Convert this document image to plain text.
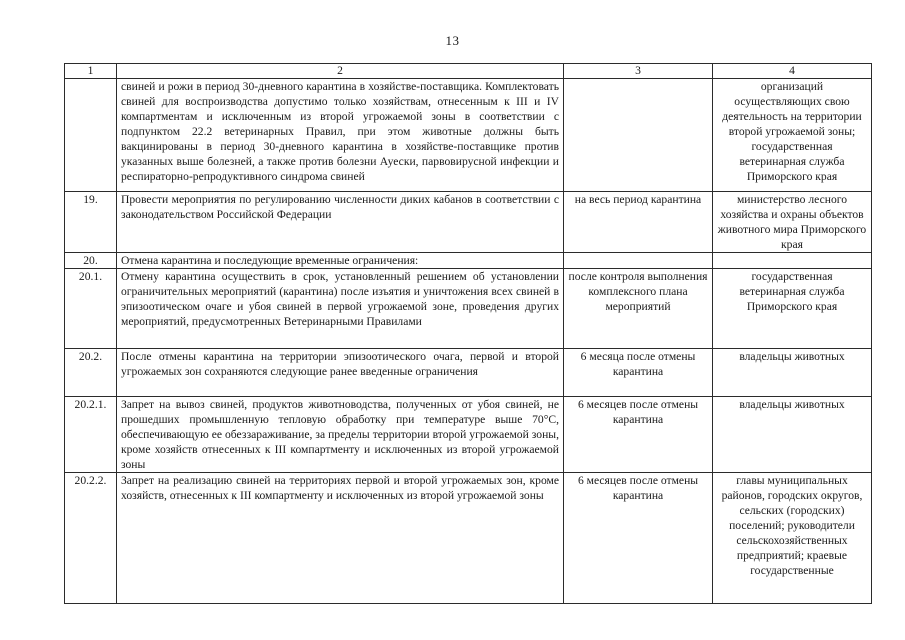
13
1	2	3	4
	свиней и рожи в период 30-дневного карантина в хозяйстве-поставщика. Комплектовать свиней для воспроизводства допустимо только хозяйствам, отнесенным к III и IV компартментам и исключенным из второй угрожаемой зоны в соответствии с подпунктом 22.2 ветеринарных Правил, при этом животные должны быть вакцинированы в период 30-дневного карантина в хозяйстве-поставщике против указанных выше болезней, а также против болезни Ауески, парвовирусной инфекции и респираторно-репродуктивного синдрома свиней		организаций осуществляющих свою деятельность на территории второй угрожаемой зоны; государственная ветеринарная служба Приморского края
19.	Провести мероприятия по регулированию численности диких кабанов в соответствии с законодательством Российской Федерации	на весь период карантина	министерство лесного хозяйства и охраны объектов животного мира Приморского края
20.	Отмена карантина и последующие временные ограничения:		
20.1.	Отмену карантина осуществить в срок, установленный решением об установлении ограничительных мероприятий (карантина) после изъятия и уничтожения всех свиней в эпизоотическом очаге и убоя свиней в первой угрожаемой зоне, проведения других мероприятий, предусмотренных Ветеринарными Правилами	после контроля выполнения комплексного плана мероприятий	государственная ветеринарная служба Приморского края
20.2.	После отмены карантина на территории эпизоотического очага, первой и второй угрожаемых зон сохраняются следующие ранее введенные ограничения	6 месяца после отмены карантина	владельцы животных
20.2.1.	Запрет на вывоз свиней, продуктов животноводства, полученных от убоя свиней, не прошедших промышленную тепловую обработку при температуре выше 70°С, обеспечивающую ее обеззараживание, за пределы территории второй угрожаемой зоны, кроме хозяйств отнесенных к III компартменту и исключенных из второй угрожаемой зоны	6 месяцев после отмены карантина	владельцы животных
20.2.2.	Запрет на реализацию свиней на территориях первой и второй угрожаемых зон, кроме хозяйств, отнесенных к III компартменту и исключенных из второй угрожаемой зоны	6 месяцев после отмены карантина	главы муниципальных районов, городских округов, сельских (городских) поселений; руководители сельскохозяйственных предприятий; краевые государственные
